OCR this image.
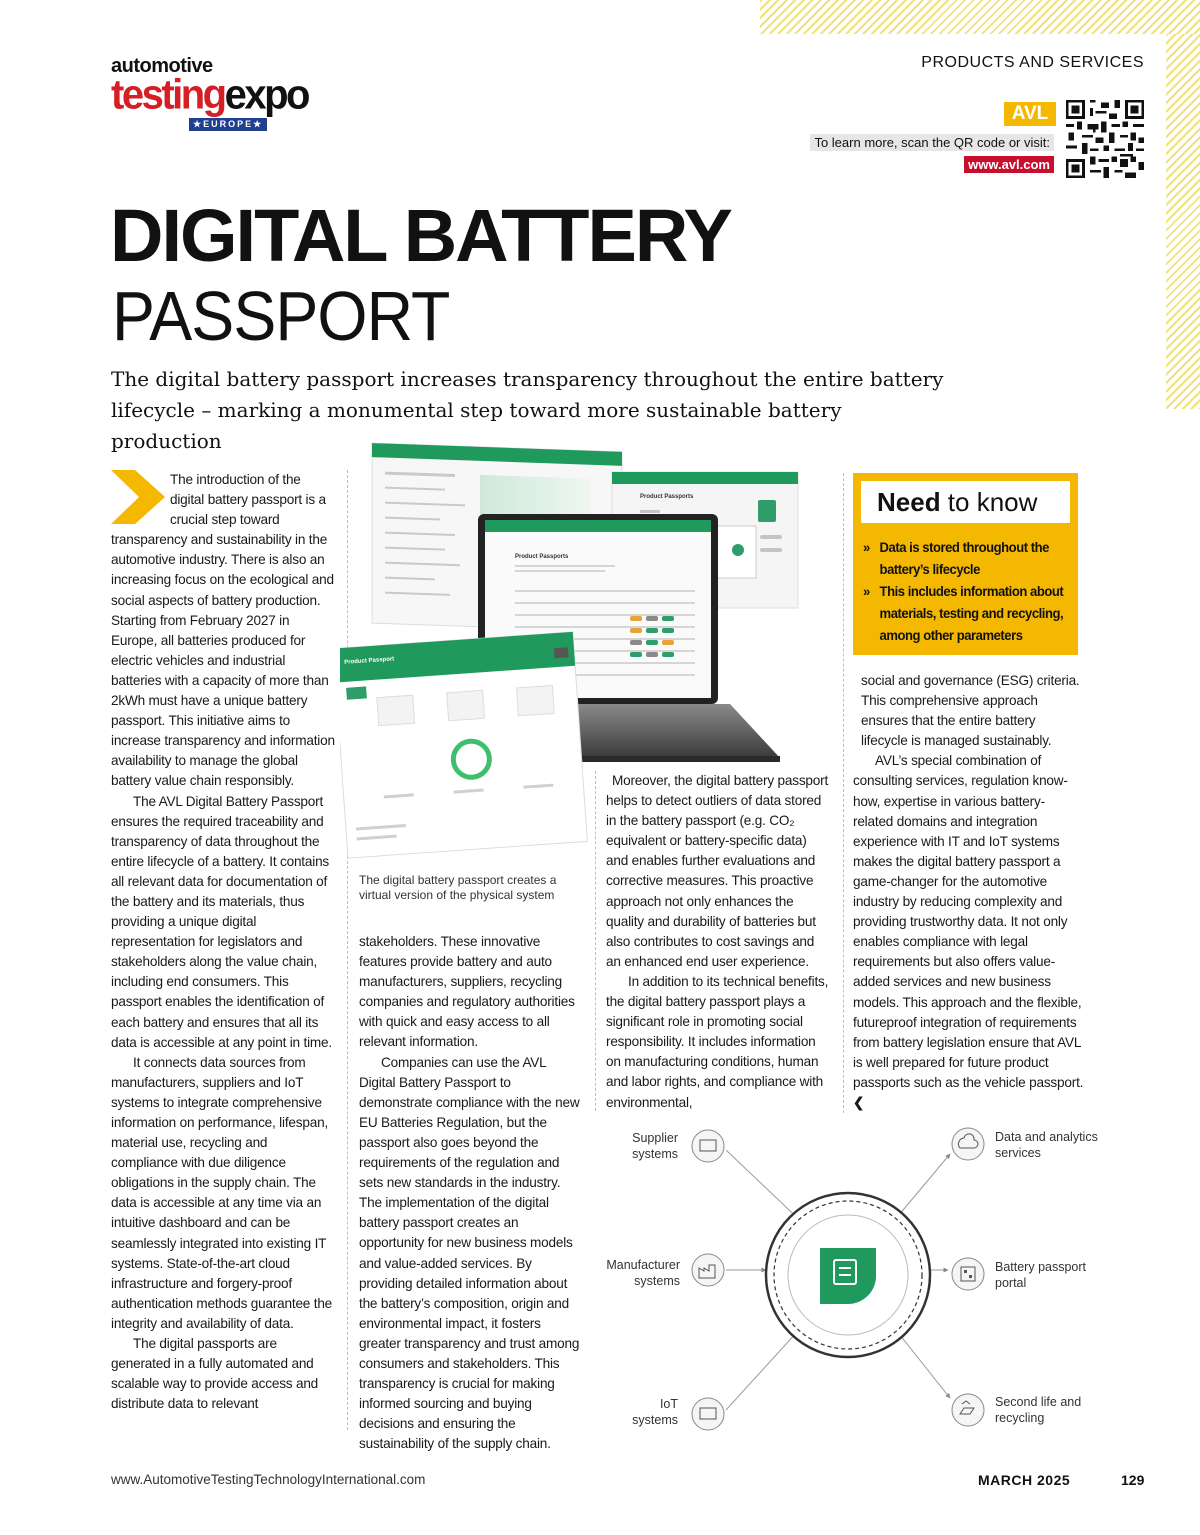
automotive
testingexpo
★EUROPE★
PRODUCTS AND SERVICES
AVL
To learn more, scan the QR code or visit:
www.avl.com
DIGITAL BATTERY
PASSPORT
The digital battery passport increases transparency throughout the entire battery lifecycle – marking a monumental step toward more sustainable battery production
The introduction of the digital battery passport is a crucial step toward

transparency and sustainability in the automotive industry. There is also an increasing focus on the ecological and social aspects of battery production. Starting from February 2027 in Europe, all batteries produced for electric vehicles and industrial batteries with a capacity of more than 2kWh must have a unique battery passport. This initiative aims to increase transparency and information availability to manage the global battery value chain responsibly.

The AVL Digital Battery Passport ensures the required traceability and transparency of data throughout the entire lifecycle of a battery. It contains all relevant data for documentation of the battery and its materials, thus providing a unique digital representation for legislators and stakeholders along the value chain, including end consumers. This passport enables the identification of each battery and ensures that all its data is accessible at any point in time.

It connects data sources from manufacturers, suppliers and IoT systems to integrate comprehensive information on performance, lifespan, material use, recycling and compliance with due diligence obligations in the supply chain. The data is accessible at any time via an intuitive dashboard and can be seamlessly integrated into existing IT systems. State-of-the-art cloud infrastructure and forgery-proof authentication methods guarantee the integrity and availability of data.

The digital passports are generated in a fully automated and scalable way to provide access and distribute data to relevant

Product Passports
Product Passports
Product Passport
The digital battery passport creates a virtual version of the physical system

stakeholders. These innovative features provide battery and auto manufacturers, suppliers, recycling companies and regulatory authorities with quick and easy access to all relevant information.

Companies can use the AVL Digital Battery Passport to demonstrate compliance with the new EU Batteries Regulation, but the passport also goes beyond the requirements of the regulation and sets new standards in the industry. The implementation of the digital battery passport creates an opportunity for new business models and value-added services. By providing detailed information about the battery’s composition, origin and environmental impact, it fosters greater transparency and trust among consumers and stakeholders. This transparency is crucial for making informed sourcing and buying decisions and ensuring the sustainability of the supply chain.

Moreover, the digital battery passport helps to detect outliers of data stored in the battery passport (e.g. CO₂ equivalent or battery-specific data) and enables further evaluations and corrective measures. This proactive approach not only enhances the quality and durability of batteries but also contributes to cost savings and an enhanced end user experience.

In addition to its technical benefits, the digital battery passport plays a significant role in promoting social responsibility. It includes information on manufacturing conditions, human and labor rights, and compliance with environmental,

Need to know
» Data is stored throughout the battery’s lifecycle
» This includes information about materials, testing and recycling, among other parameters

social and governance (ESG) criteria. This comprehensive approach ensures that the entire battery lifecycle is managed sustainably.

AVL’s special combination of consulting services, regulation know-how, expertise in various battery-related domains and integration experience with IT and IoT systems makes the digital battery passport a game-changer for the automotive industry by reducing complexity and providing trustworthy data. It not only enables compliance with legal requirements but also offers value-added services and new business models. This approach and the flexible, futureproof integration of requirements from battery legislation ensure that AVL is well prepared for future product passports such as the vehicle passport. ❮

Supplier systems
Manufacturer systems
IoT systems
Data and analytics services
Battery passport portal
Second life and recycling
www.AutomotiveTestingTechnologyInternational.com	MARCH 2025	129
